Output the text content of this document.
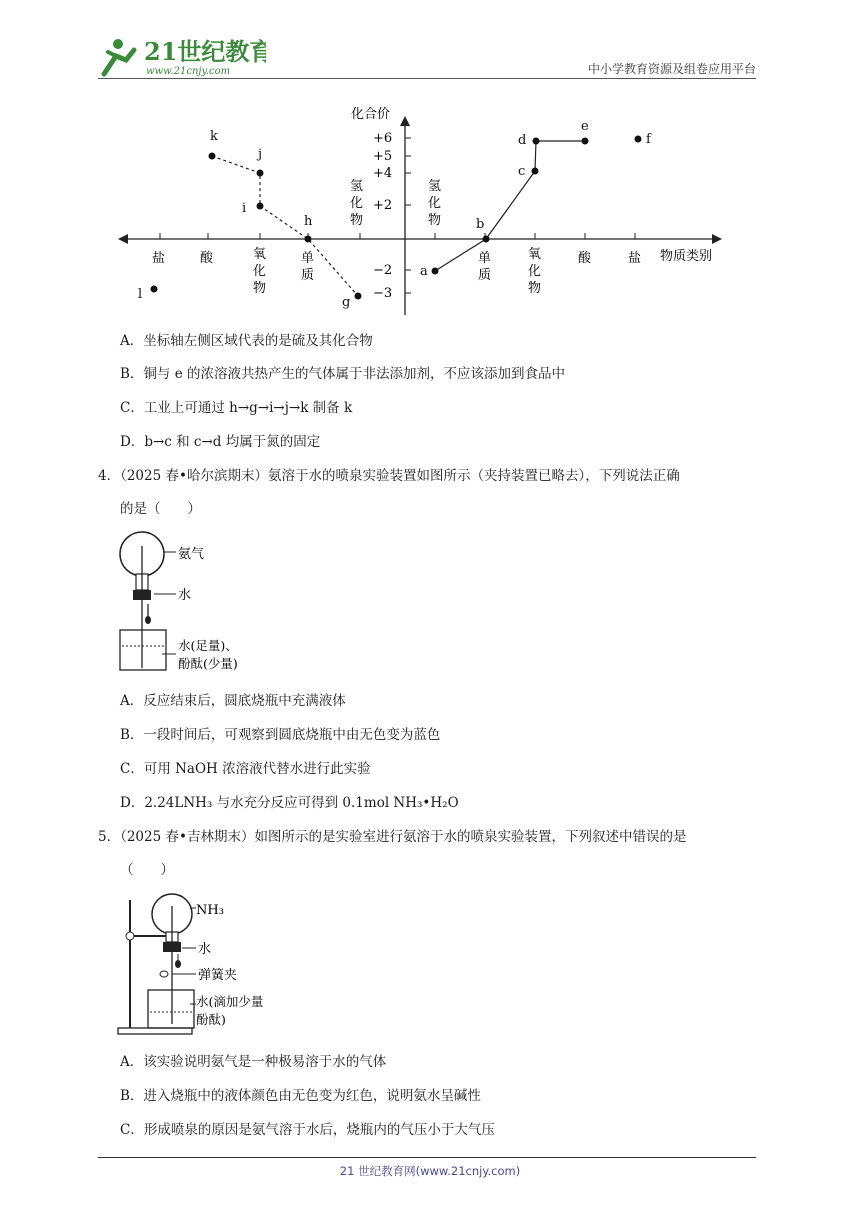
21世纪教育
www.21cnjy.com	中小学教育资源及组卷应用平台
化合价
物质类别
+6
+5
+4
+2
−2
−3
盐	酸	氧化物
单质
氢化物
氢化物
单质
氧化物
酸	盐
k
j
i
h
g
l
a
b
c
d
e
f
A．坐标轴左侧区域代表的是硫及其化合物
B．铜与 e 的浓溶液共热产生的气体属于非法添加剂，不应该添加到食品中
C．工业上可通过 h→g→i→j→k 制备 k
D．b→c 和 c→d 均属于氮的固定
4．（2025 春•哈尔滨期末）氨溶于水的喷泉实验装置如图所示（夹持装置已略去），下列说法正确
的是（　　）
氨气
水
水(足量)、
酚酞(少量)
A．反应结束后，圆底烧瓶中充满液体
B．一段时间后，可观察到圆底烧瓶中由无色变为蓝色
C．可用 NaOH 浓溶液代替水进行此实验
D．2.24LNH₃ 与水充分反应可得到 0.1mol NH₃•H₂O
5．（2025 春•吉林期末）如图所示的是实验室进行氨溶于水的喷泉实验装置，下列叙述中错误的是
（　　）
NH₃
水
弹簧夹
水(滴加少量
酚酞)
A．该实验说明氨气是一种极易溶于水的气体
B．进入烧瓶中的液体颜色由无色变为红色，说明氨水呈碱性
C．形成喷泉的原因是氨气溶于水后，烧瓶内的气压小于大气压
21 世纪教育网(www.21cnjy.com)
